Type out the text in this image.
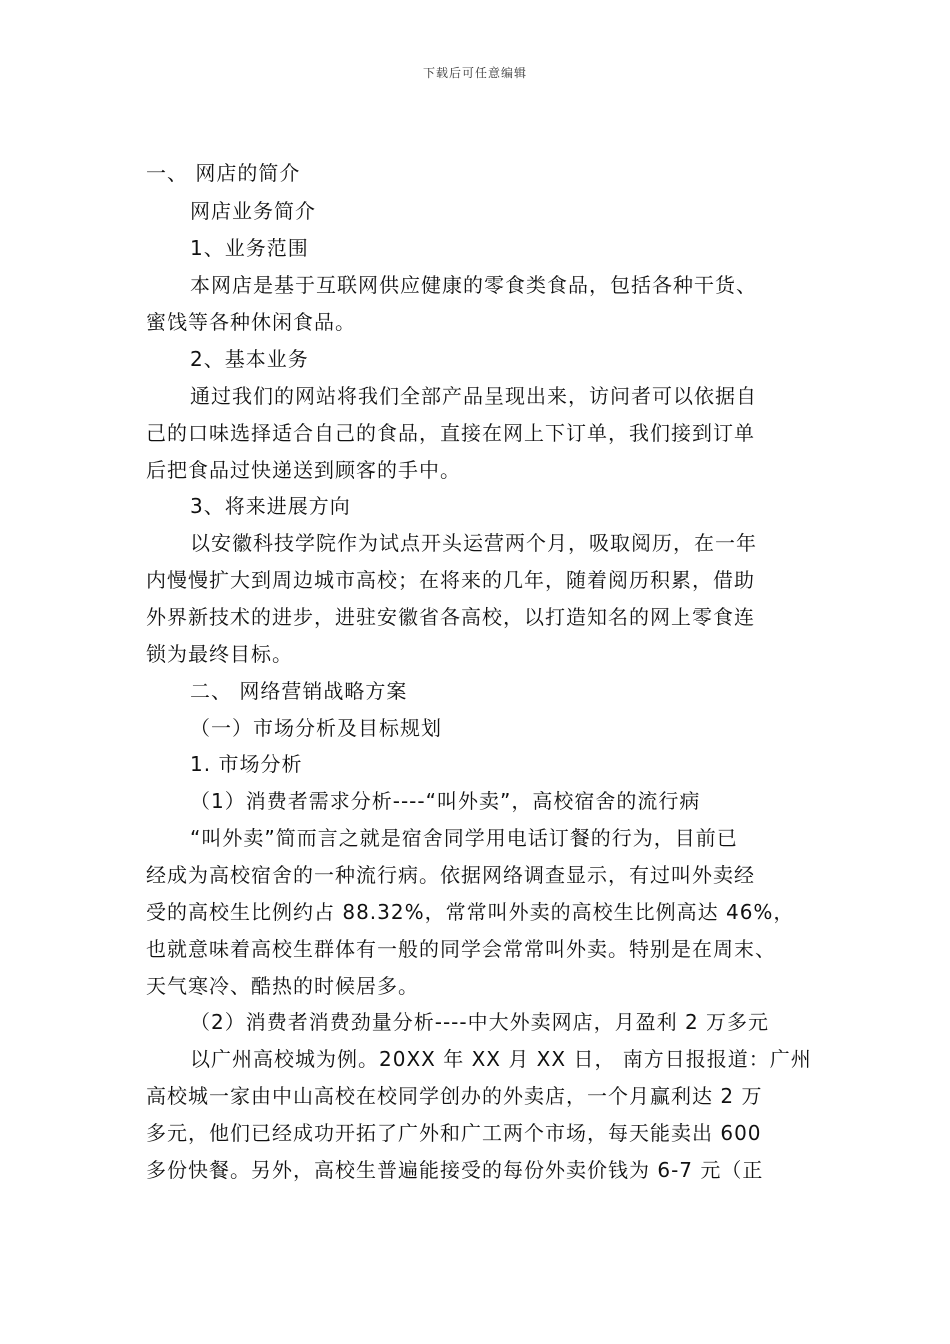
下载后可任意编辑
一、 网店的简介
网店业务简介
1、业务范围
本网店是基于互联网供应健康的零食类食品，包括各种干货、
蜜饯等各种休闲食品。
2、基本业务
通过我们的网站将我们全部产品呈现出来，访问者可以依据自
己的口味选择适合自己的食品，直接在网上下订单，我们接到订单
后把食品过快递送到顾客的手中。
3、将来进展方向
以安徽科技学院作为试点开头运营两个月，吸取阅历，在一年
内慢慢扩大到周边城市高校；在将来的几年，随着阅历积累，借助
外界新技术的进步，进驻安徽省各高校，以打造知名的网上零食连
锁为最终目标。
二、 网络营销战略方案
（一）市场分析及目标规划
1. 市场分析
（1）消费者需求分析----“叫外卖”，高校宿舍的流行病
“叫外卖”简而言之就是宿舍同学用电话订餐的行为，目前已
经成为高校宿舍的一种流行病。依据网络调查显示，有过叫外卖经
受的高校生比例约占 88.32%，常常叫外卖的高校生比例高达 46%，
也就意味着高校生群体有一般的同学会常常叫外卖。特别是在周末、
天气寒冷、酷热的时候居多。
（2）消费者消费劲量分析----中大外卖网店，月盈利 2 万多元
以广州高校城为例。20XX 年 XX 月 XX 日， 南方日报报道：广州
高校城一家由中山高校在校同学创办的外卖店，一个月赢利达 2 万
多元，他们已经成功开拓了广外和广工两个市场，每天能卖出 600
多份快餐。另外，高校生普遍能接受的每份外卖价钱为 6-7 元（正
